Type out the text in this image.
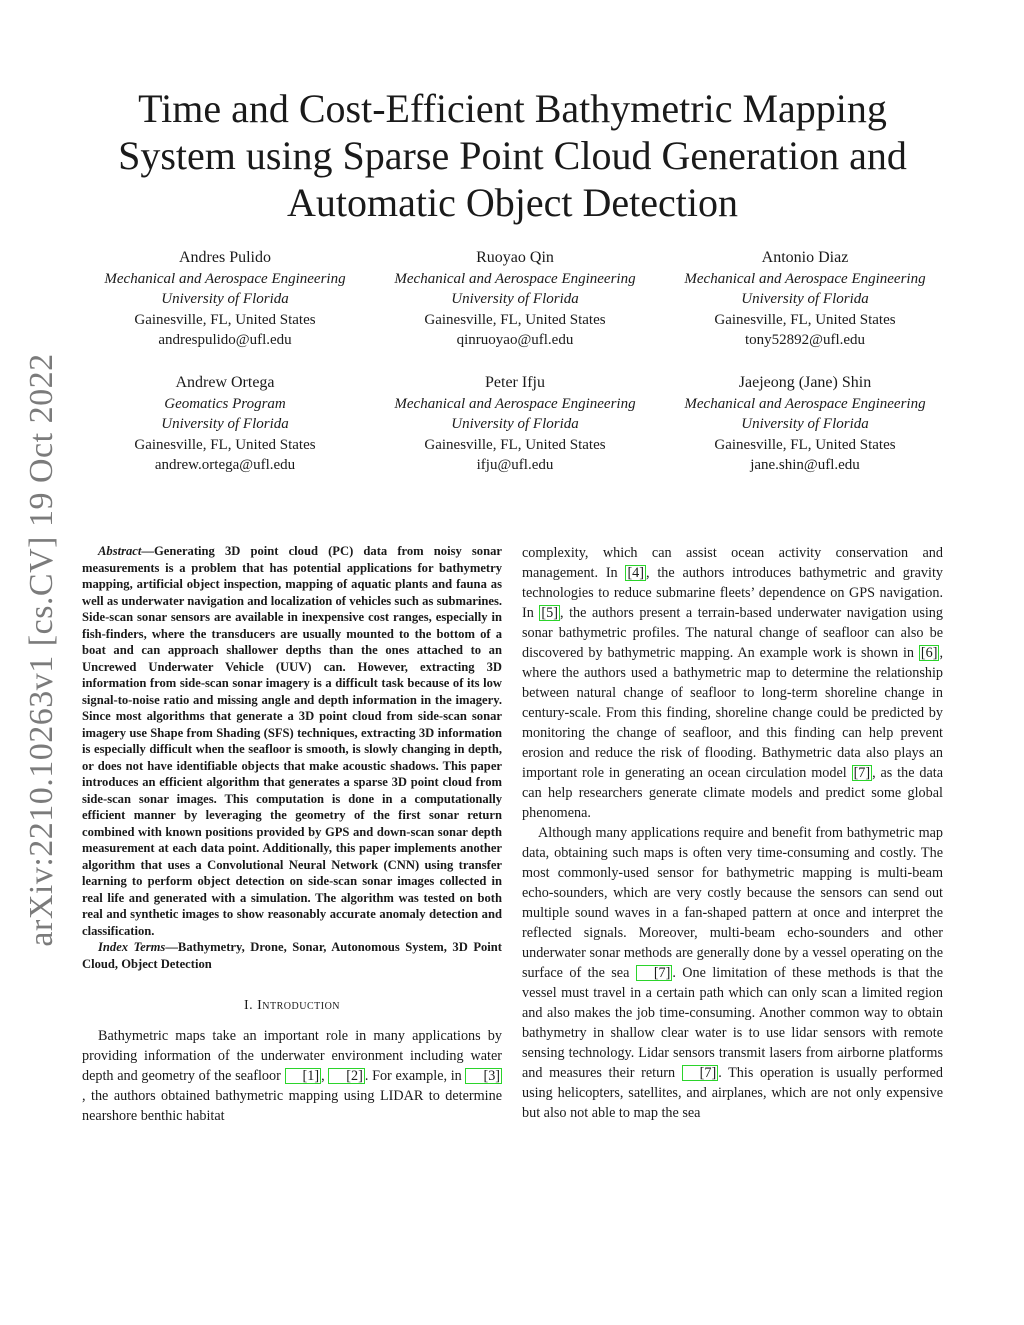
arXiv:2210.10263v1 [cs.CV] 19 Oct 2022
Time and Cost-Efficient Bathymetric Mapping
System using Sparse Point Cloud Generation and
Automatic Object Detection
Andres Pulido
Mechanical and Aerospace Engineering
University of Florida
Gainesville, FL, United States
andrespulido@ufl.edu
Ruoyao Qin
Mechanical and Aerospace Engineering
University of Florida
Gainesville, FL, United States
qinruoyao@ufl.edu
Antonio Diaz
Mechanical and Aerospace Engineering
University of Florida
Gainesville, FL, United States
tony52892@ufl.edu
Andrew Ortega
Geomatics Program
University of Florida
Gainesville, FL, United States
andrew.ortega@ufl.edu
Peter Ifju
Mechanical and Aerospace Engineering
University of Florida
Gainesville, FL, United States
ifju@ufl.edu
Jaejeong (Jane) Shin
Mechanical and Aerospace Engineering
University of Florida
Gainesville, FL, United States
jane.shin@ufl.edu

Abstract—Generating 3D point cloud (PC) data from noisy sonar measurements is a problem that has potential applications for bathymetry mapping, artificial object inspection, mapping of aquatic plants and fauna as well as underwater navigation and localization of vehicles such as submarines. Side-scan sonar sensors are available in inexpensive cost ranges, especially in fish-finders, where the transducers are usually mounted to the bottom of a boat and can approach shallower depths than the ones attached to an Uncrewed Underwater Vehicle (UUV) can. However, extracting 3D information from side-scan sonar imagery is a difficult task because of its low signal-to-noise ratio and missing angle and depth information in the imagery. Since most algorithms that generate a 3D point cloud from side-scan sonar imagery use Shape from Shading (SFS) techniques, extracting 3D information is especially difficult when the seafloor is smooth, is slowly changing in depth, or does not have identifiable objects that make acoustic shadows. This paper introduces an efficient algorithm that generates a sparse 3D point cloud from side-scan sonar images. This computation is done in a computationally efficient manner by leveraging the geometry of the first sonar return combined with known positions provided by GPS and down-scan sonar depth measurement at each data point. Additionally, this paper implements another algorithm that uses a Convolutional Neural Network (CNN) using transfer learning to perform object detection on side-scan sonar images collected in real life and generated with a simulation. The algorithm was tested on both real and synthetic images to show reasonably accurate anomaly detection and classification.

Index Terms—Bathymetry, Drone, Sonar, Autonomous System, 3D Point Cloud, Object Detection

I. Introduction

Bathymetric maps take an important role in many applications by providing information of the underwater environment including water depth and geometry of the seafloor [1] , [2] . For example, in [3], the authors obtained bathymetric mapping using LIDAR to determine nearshore benthic habitat

complexity, which can assist ocean activity conservation and management. In [4] , the authors introduces bathymetric and gravity technologies to reduce submarine fleets’ dependence on GPS navigation. In [5] , the authors present a terrain-based underwater navigation using sonar bathymetric profiles. The natural change of seafloor can also be discovered by bathymetric mapping. An example work is shown in [6] , where the authors used a bathymetric map to determine the relationship between natural change of seafloor to long-term shoreline change in century-scale. From this finding, shoreline change could be predicted by monitoring the change of seafloor, and this finding can help prevent erosion and reduce the risk of flooding. Bathymetric data also plays an important role in generating an ocean circulation model [7] , as the data can help researchers generate climate models and predict some global phenomena.

Although many applications require and benefit from bathymetric map data, obtaining such maps is often very time-consuming and costly. The most commonly-used sensor for bathymetric mapping is multi-beam echo-sounders, which are very costly because the sensors can send out multiple sound waves in a fan-shaped pattern at once and interpret the reflected signals. Moreover, multi-beam echo-sounders and other underwater sonar methods are generally done by a vessel operating on the surface of the sea [7] . One limitation of these methods is that the vessel must travel in a certain path which can only scan a limited region and also makes the job time-consuming. Another common way to obtain bathymetry in shallow clear water is to use lidar sensors with remote sensing technology. Lidar sensors transmit lasers from airborne platforms and measures their return [7] . This operation is usually performed using helicopters, satellites, and airplanes, which are not only expensive but also not able to map the sea
